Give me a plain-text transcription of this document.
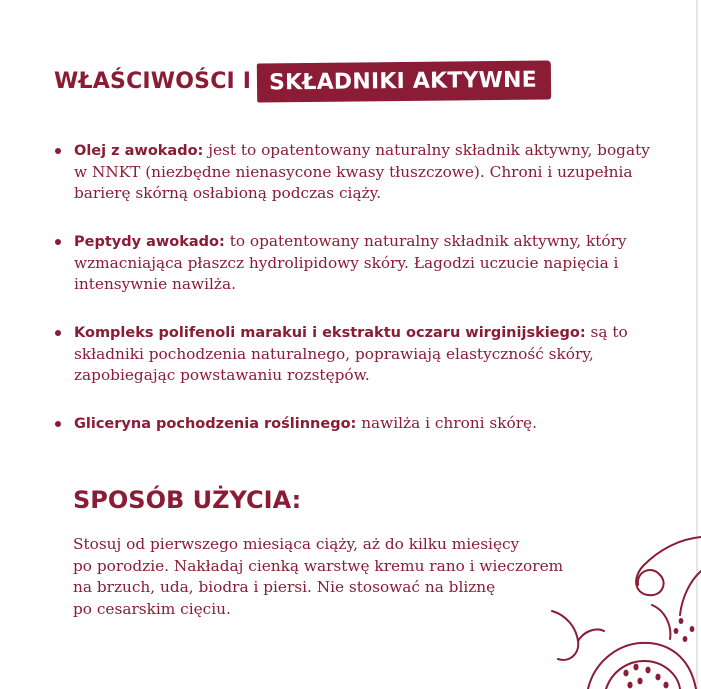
WŁAŚCIWOŚCI I SKŁADNIKI AKTYWNE
Olej z awokado: jest to opatentowany naturalny składnik aktywny, bogaty w NNKT (niezbędne nienasycone kwasy tłuszczowe). Chroni i uzupełnia barierę skórną osłabioną podczas ciąży.
Peptydy awokado: to opatentowany naturalny składnik aktywny, który wzmacniająca płaszcz hydrolipidowy skóry. Łagodzi uczucie napięcia i intensywnie nawilża.
Kompleks polifenoli marakui i ekstraktu oczaru wirginijskiego: są to składniki pochodzenia naturalnego, poprawiają elastyczność skóry, zapobiegając powstawaniu rozstępów.
Gliceryna pochodzenia roślinnego: nawilża i chroni skórę.
SPOSÓB UŻYCIA:

Stosuj od pierwszego miesiąca ciąży, aż do kilku miesięcy
po porodzie. Nakładaj cienką warstwę kremu rano i wieczorem
na brzuch, uda, biodra i piersi. Nie stosować na bliznę
po cesarskim cięciu.
